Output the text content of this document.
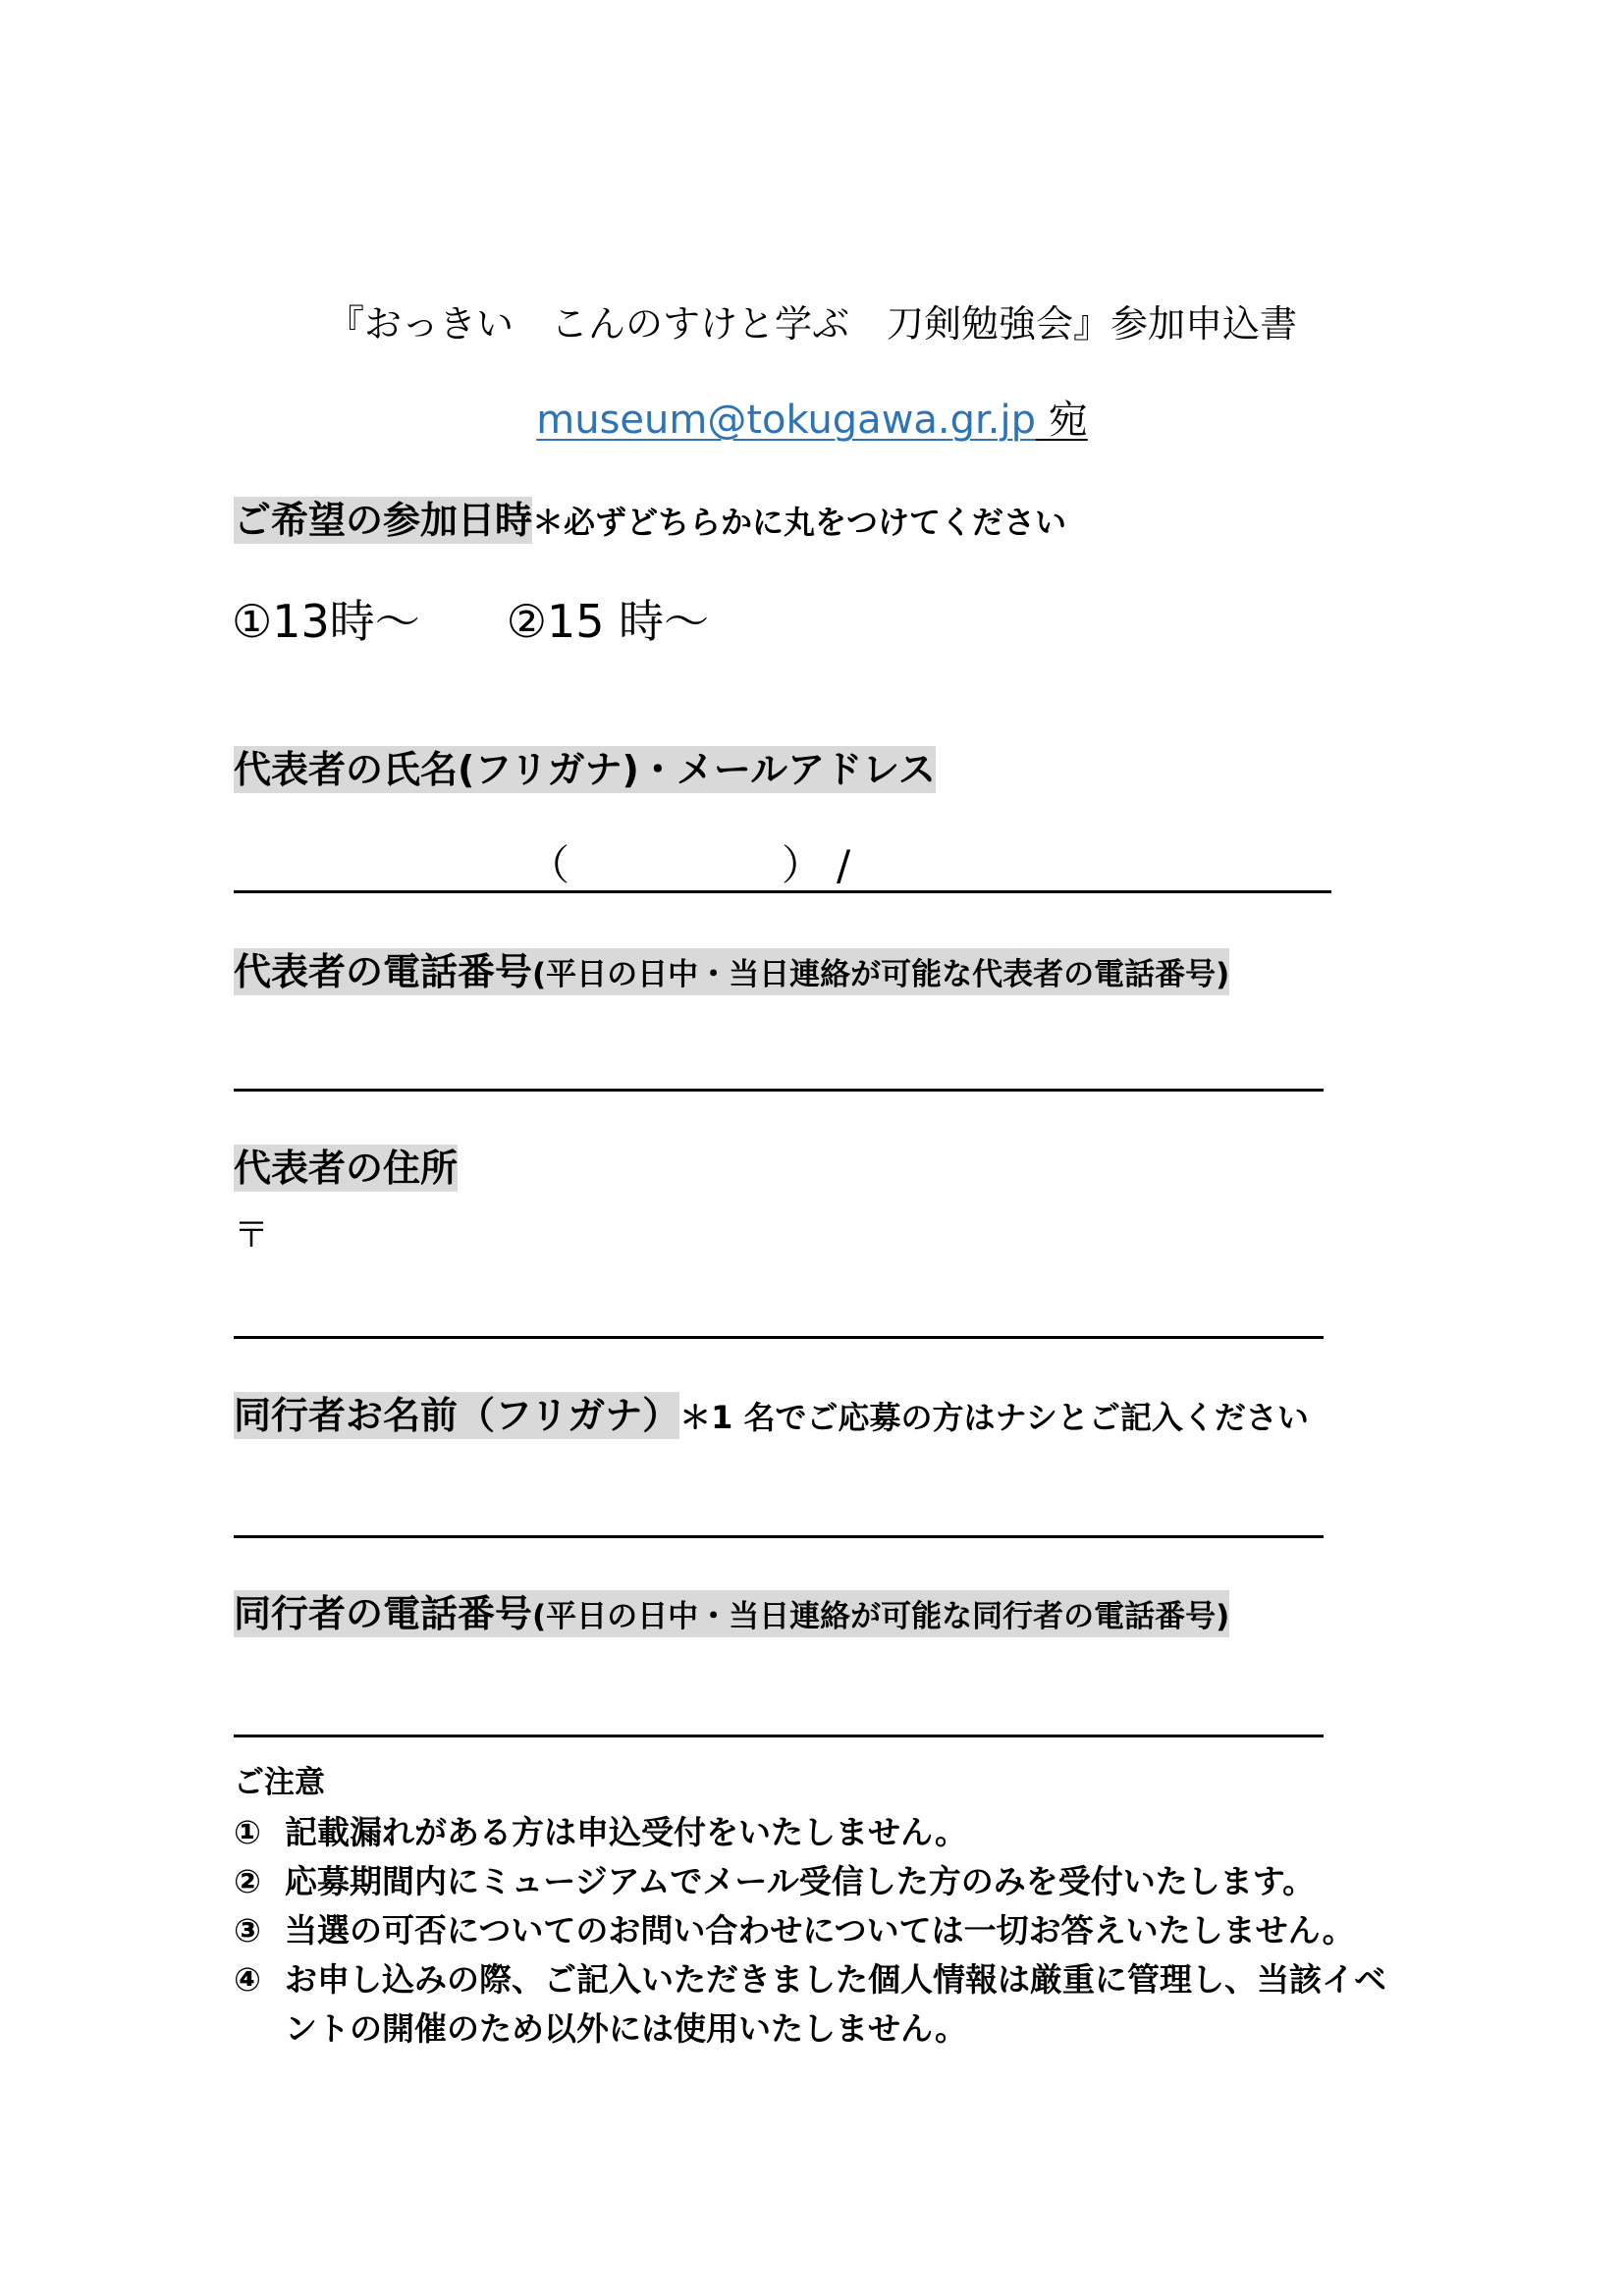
『おっきい　こんのすけと学ぶ　刀剣勉強会』参加申込書
museum@tokugawa.gr.jp 宛
ご希望の参加日時＊必ずどちらかに丸をつけてください
①13時～ ②15 時～
代表者の氏名(フリガナ)・メールアドレス
（	） /
代表者の電話番号(平日の日中・当日連絡が可能な代表者の電話番号)
代表者の住所
〒
同行者お名前（フリガナ）＊1 名でご応募の方はナシとご記入ください
同行者の電話番号(平日の日中・当日連絡が可能な同行者の電話番号)
ご注意
① 記載漏れがある方は申込受付をいたしません。
② 応募期間内にミュージアムでメール受信した方のみを受付いたします。
③ 当選の可否についてのお問い合わせについては一切お答えいたしません。
④ お申し込みの際、ご記入いただきました個人情報は厳重に管理し、当該イベントの開催のため以外には使用いたしません。
